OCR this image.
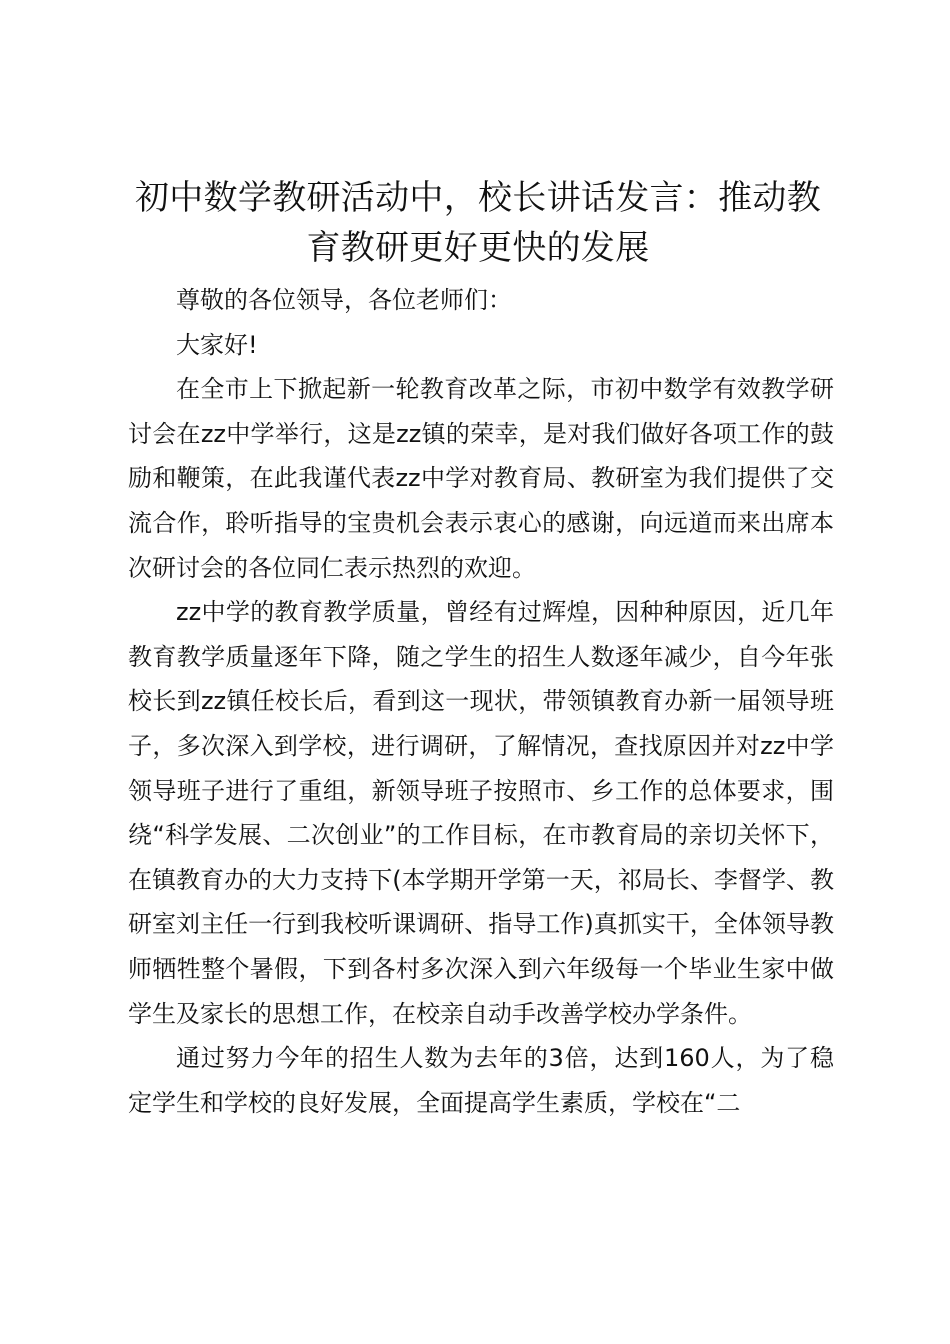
初中数学教研活动中，校长讲话发言：推动教育教研更好更快的发展

尊敬的各位领导，各位老师们：

大家好!

在全市上下掀起新一轮教育改革之际，市初中数学有效教学研讨会在zz中学举行，这是zz镇的荣幸，是对我们做好各项工作的鼓励和鞭策，在此我谨代表zz中学对教育局、教研室为我们提供了交流合作，聆听指导的宝贵机会表示衷心的感谢，向远道而来出席本次研讨会的各位同仁表示热烈的欢迎。

zz中学的教育教学质量，曾经有过辉煌，因种种原因，近几年教育教学质量逐年下降，随之学生的招生人数逐年减少，自今年张校长到zz镇任校长后，看到这一现状，带领镇教育办新一届领导班子，多次深入到学校，进行调研，了解情况，查找原因并对zz中学领导班子进行了重组，新领导班子按照市、乡工作的总体要求，围绕“科学发展、二次创业”的工作目标，在市教育局的亲切关怀下，在镇教育办的大力支持下(本学期开学第一天，祁局长、李督学、教研室刘主任一行到我校听课调研、指导工作)真抓实干，全体领导教师牺牲整个暑假，下到各村多次深入到六年级每一个毕业生家中做学生及家长的思想工作，在校亲自动手改善学校办学条件。

通过努力今年的招生人数为去年的3倍，达到160人，为了稳定学生和学校的良好发展，全面提高学生素质，学校在“二
